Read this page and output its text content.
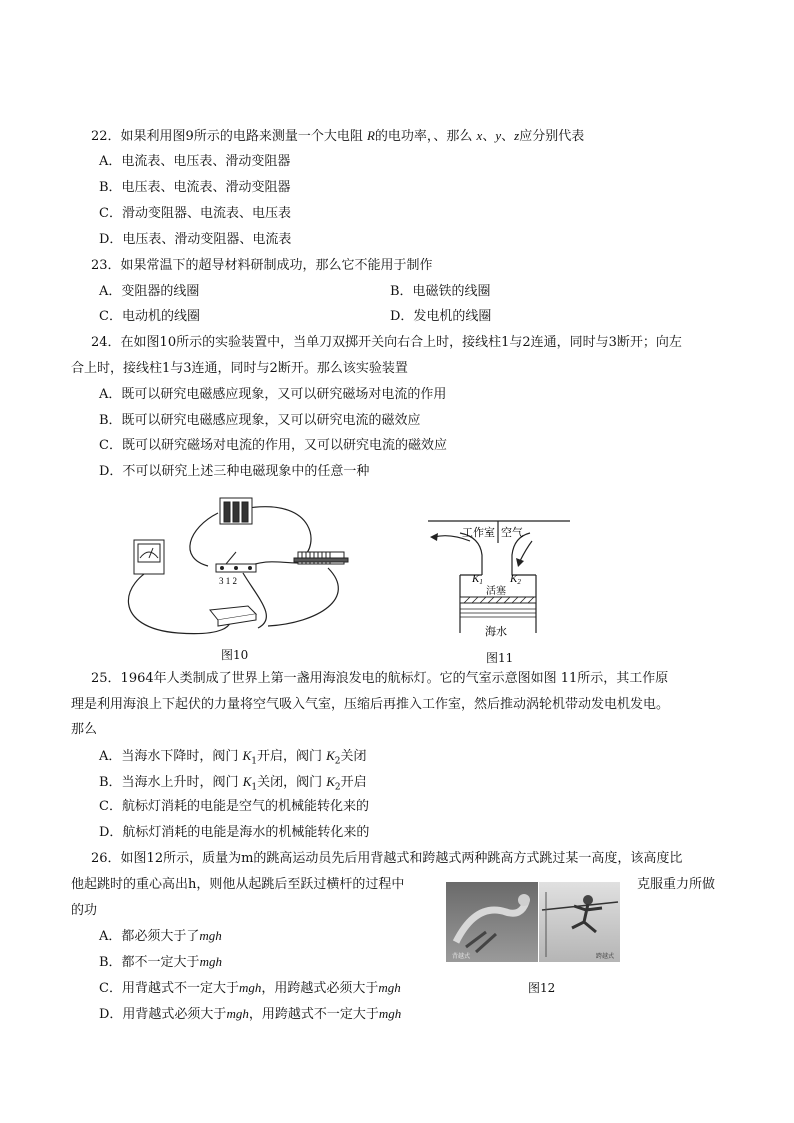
22．如果利用图9所示的电路来测量一个大电阻 R的电功率，、那么 x、y、z应分别代表
A．电流表、电压表、滑动变阻器
B．电压表、电流表、滑动变阻器
C．滑动变阻器、电流表、电压表
D．电压表、滑动变阻器、电流表
23．如果常温下的超导材料研制成功，那么它不能用于制作
A．变阻器的线圈	B．电磁铁的线圈
C．电动机的线圈	D．发电机的线圈
24．在如图10所示的实验装置中，当单刀双掷开关向右合上时，接线柱1与2连通，同时与3断开；向左
合上时，接线柱1与3连通，同时与2断开。那么该实验装置
A．既可以研究电磁感应现象，又可以研究磁场对电流的作用
B．既可以研究电磁感应现象，又可以研究电流的磁效应
C．既可以研究磁场对电流的作用，又可以研究电流的磁效应
D．不可以研究上述三种电磁现象中的任意一种
3 1 2
图10
工作室 空气
K1 K2
活塞
海水
图11
25．1964年人类制成了世界上第一盏用海浪发电的航标灯。它的气室示意图如图 11所示，其工作原
理是利用海浪上下起伏的力量将空气吸入气室，压缩后再推入工作室，然后推动涡轮机带动发电机发电。
那么
A．当海水下降时，阀门 $K_1$开启，阀门 $K_2$关闭
B．当海水上升时，阀门 $K_1$关闭，阀门 $K_2$开启
C．航标灯消耗的电能是空气的机械能转化来的
D．航标灯消耗的电能是海水的机械能转化来的
26．如图12所示，质量为m的跳高运动员先后用背越式和跨越式两种跳高方式跳过某一高度，该高度比
他起跳时的重心高出h，则他从起跳后至跃过横杆的过程中	克服重力所做
的功
A．都必须大于了mgh
B．都不一定大于mgh
C．用背越式不一定大于mgh，用跨越式必须大于mgh
D．用背越式必须大于mgh，用跨越式不一定大于mgh
背越式	跨越式
图12
